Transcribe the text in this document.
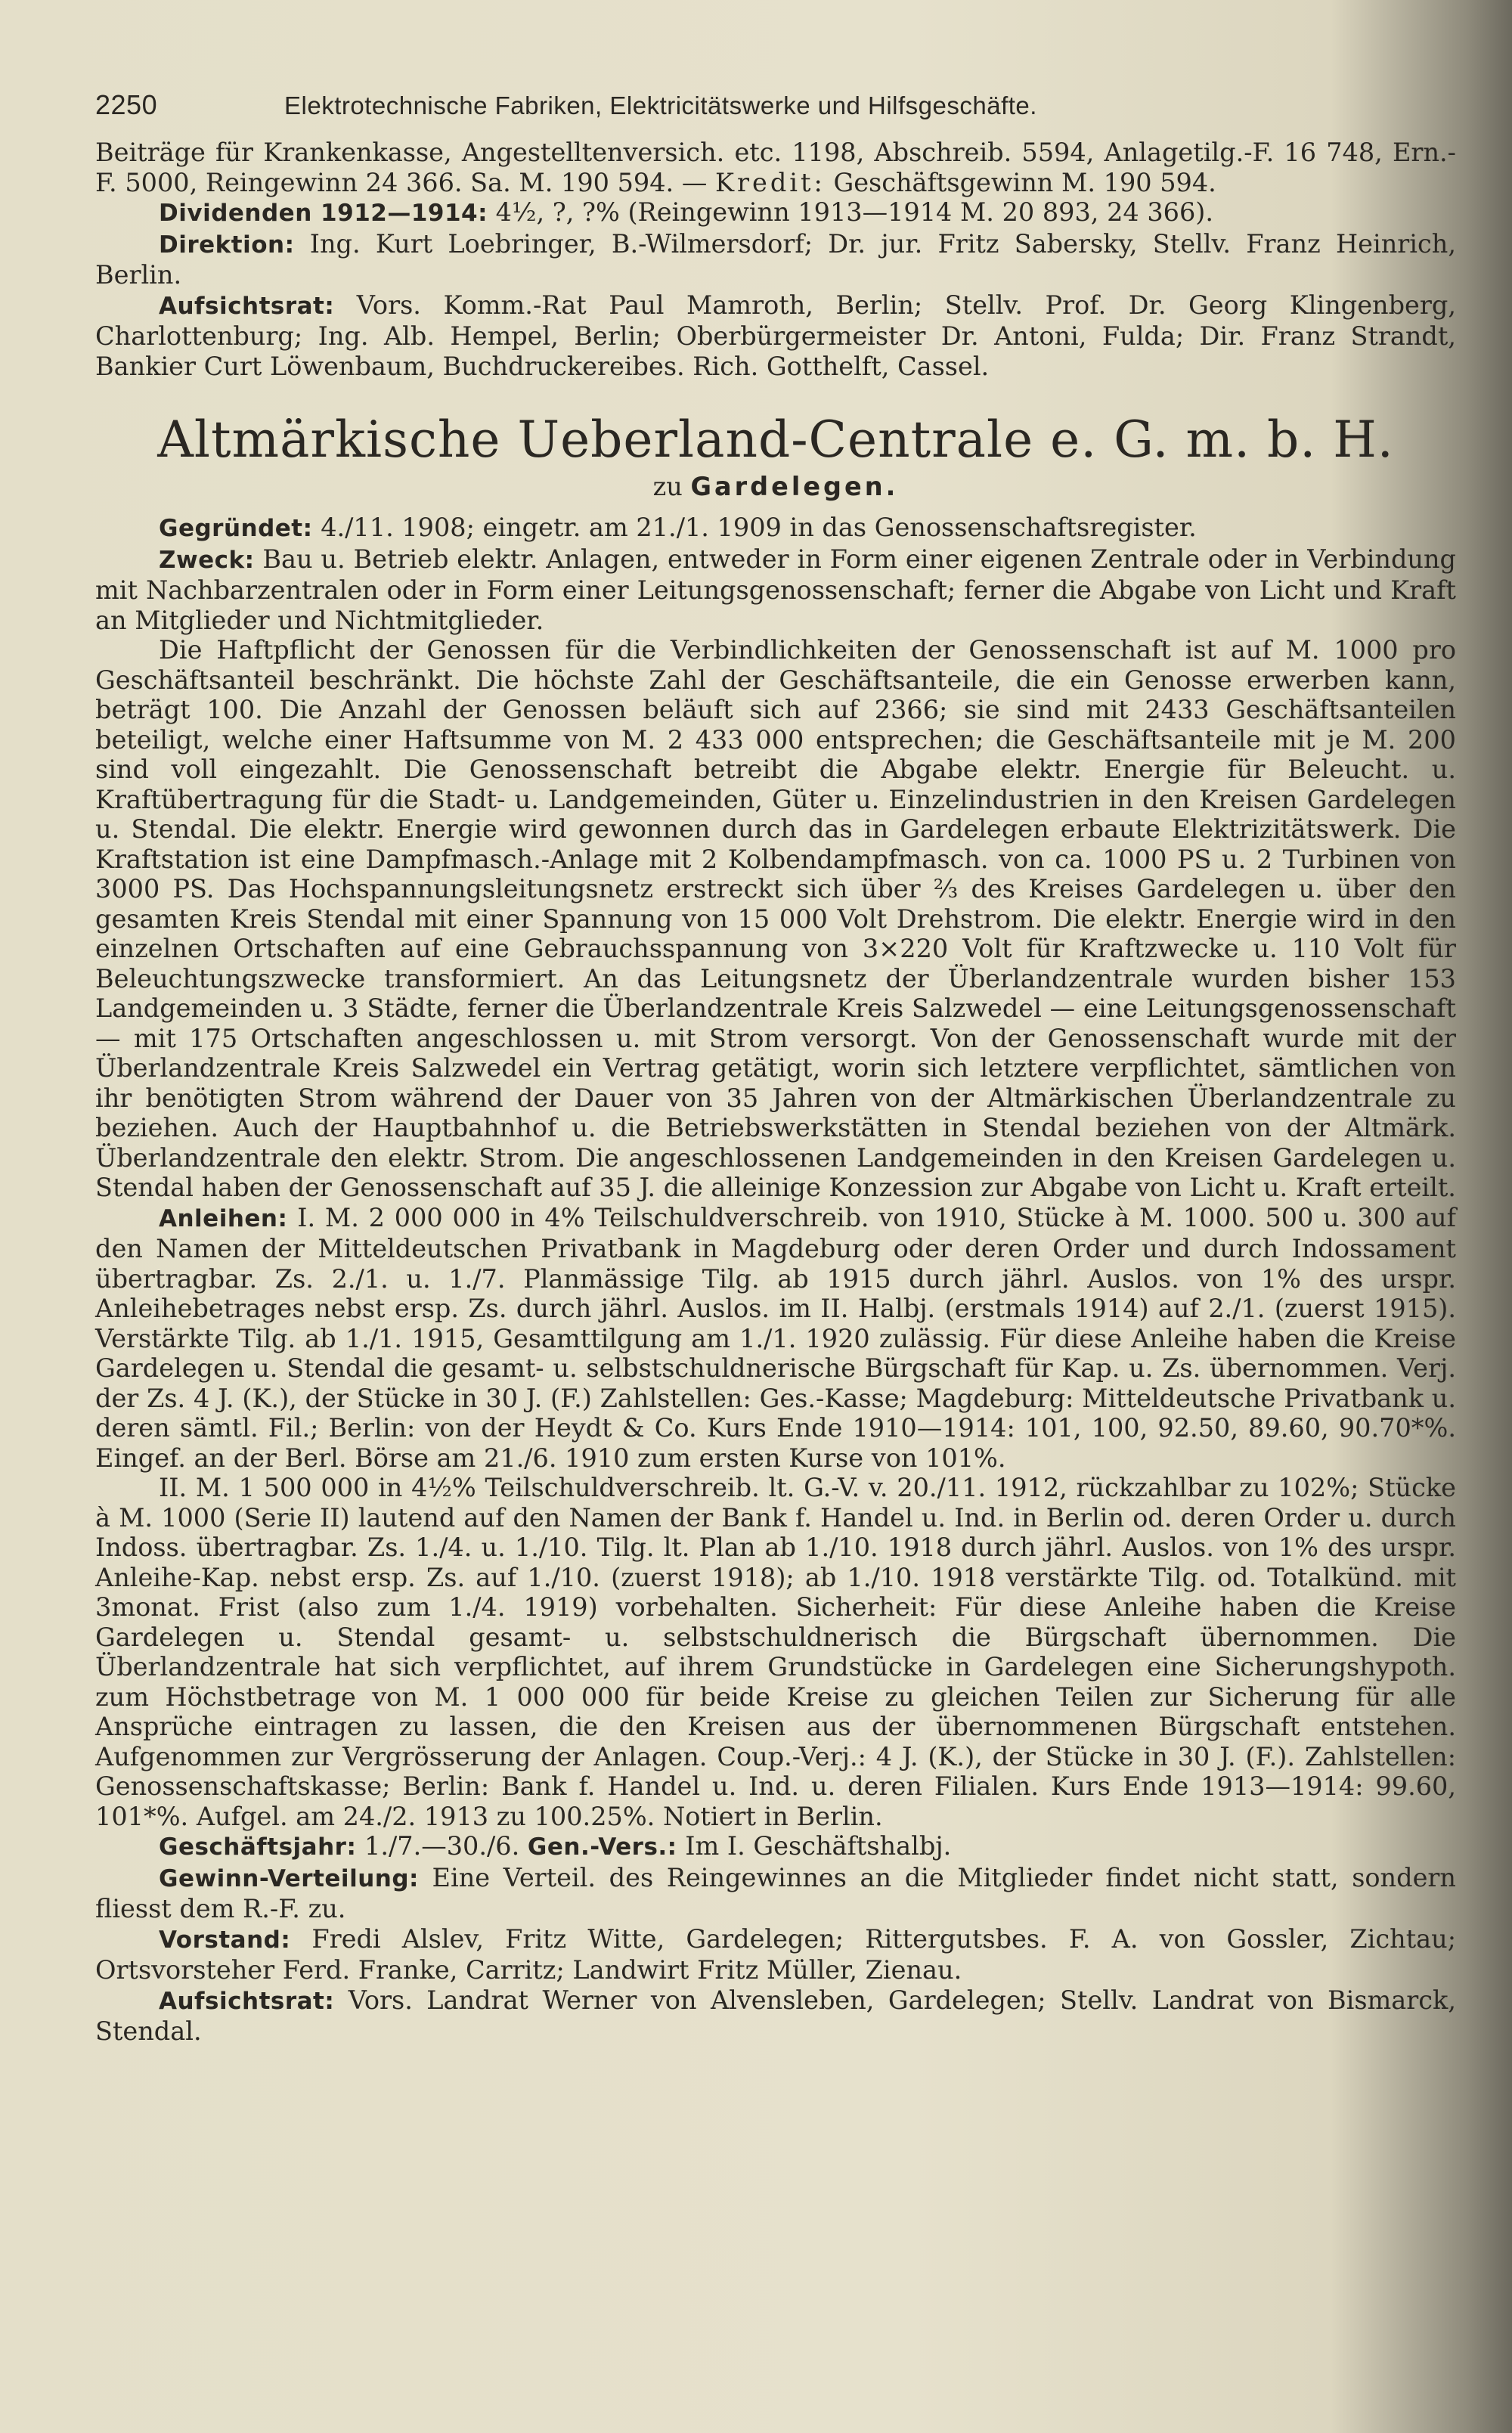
2250	Elektrotechnische Fabriken, Elektricitätswerke und Hilfsgeschäfte.

Beiträge für Krankenkasse, Angestelltenversich. etc. 1198, Abschreib. 5594, Anlagetilg.-F. 16 748, Ern.-F. 5000, Reingewinn 24 366. Sa. M. 190 594. — Kredit: Geschäftsgewinn M. 190 594.

Dividenden 1912—1914: 4½, ?, ?% (Reingewinn 1913—1914 M. 20 893, 24 366).

Direktion: Ing. Kurt Loebringer, B.-Wilmersdorf; Dr. jur. Fritz Sabersky, Stellv. Franz Heinrich, Berlin.

Aufsichtsrat: Vors. Komm.-Rat Paul Mamroth, Berlin; Stellv. Prof. Dr. Georg Klingenberg, Charlottenburg; Ing. Alb. Hempel, Berlin; Oberbürgermeister Dr. Antoni, Fulda; Dir. Franz Strandt, Bankier Curt Löwenbaum, Buchdruckereibes. Rich. Gotthelft, Cassel.

Altmärkische Ueberland-Centrale e. G. m. b. H.
zu Gardelegen.

Gegründet: 4./11. 1908; eingetr. am 21./1. 1909 in das Genossenschaftsregister.

Zweck: Bau u. Betrieb elektr. Anlagen, entweder in Form einer eigenen Zentrale oder in Verbindung mit Nachbarzentralen oder in Form einer Leitungsgenossenschaft; ferner die Abgabe von Licht und Kraft an Mitglieder und Nichtmitglieder.

Die Haftpflicht der Genossen für die Verbindlichkeiten der Genossenschaft ist auf M. 1000 pro Geschäftsanteil beschränkt. Die höchste Zahl der Geschäftsanteile, die ein Genosse erwerben kann, beträgt 100. Die Anzahl der Genossen beläuft sich auf 2366; sie sind mit 2433 Geschäftsanteilen beteiligt, welche einer Haftsumme von M. 2 433 000 entsprechen; die Geschäftsanteile mit je M. 200 sind voll eingezahlt. Die Genossenschaft betreibt die Abgabe elektr. Energie für Beleucht. u. Kraftübertragung für die Stadt- u. Landgemeinden, Güter u. Einzelindustrien in den Kreisen Gardelegen u. Stendal. Die elektr. Energie wird gewonnen durch das in Gardelegen erbaute Elektrizitätswerk. Die Kraftstation ist eine Dampfmasch.-Anlage mit 2 Kolbendampfmasch. von ca. 1000 PS u. 2 Turbinen von 3000 PS. Das Hochspannungsleitungsnetz erstreckt sich über ⅔ des Kreises Gardelegen u. über den gesamten Kreis Stendal mit einer Spannung von 15 000 Volt Drehstrom. Die elektr. Energie wird in den einzelnen Ortschaften auf eine Gebrauchsspannung von 3×220 Volt für Kraftzwecke u. 110 Volt für Beleuchtungszwecke transformiert. An das Leitungsnetz der Überlandzentrale wurden bisher 153 Landgemeinden u. 3 Städte, ferner die Überlandzentrale Kreis Salzwedel — eine Leitungsgenossenschaft — mit 175 Ortschaften angeschlossen u. mit Strom versorgt. Von der Genossenschaft wurde mit der Überlandzentrale Kreis Salzwedel ein Vertrag getätigt, worin sich letztere verpflichtet, sämtlichen von ihr benötigten Strom während der Dauer von 35 Jahren von der Altmärkischen Überlandzentrale zu beziehen. Auch der Hauptbahnhof u. die Betriebswerkstätten in Stendal beziehen von der Altmärk. Überlandzentrale den elektr. Strom. Die angeschlossenen Landgemeinden in den Kreisen Gardelegen u. Stendal haben der Genossenschaft auf 35 J. die alleinige Konzession zur Abgabe von Licht u. Kraft erteilt.

Anleihen: I. M. 2 000 000 in 4% Teilschuldverschreib. von 1910, Stücke à M. 1000. 500 u. 300 auf den Namen der Mitteldeutschen Privatbank in Magdeburg oder deren Order und durch Indossament übertragbar. Zs. 2./1. u. 1./7. Planmässige Tilg. ab 1915 durch jährl. Auslos. von 1% des urspr. Anleihebetrages nebst ersp. Zs. durch jährl. Auslos. im II. Halbj. (erstmals 1914) auf 2./1. (zuerst 1915). Verstärkte Tilg. ab 1./1. 1915, Gesamttilgung am 1./1. 1920 zulässig. Für diese Anleihe haben die Kreise Gardelegen u. Stendal die gesamt- u. selbstschuldnerische Bürgschaft für Kap. u. Zs. übernommen. Verj. der Zs. 4 J. (K.), der Stücke in 30 J. (F.) Zahlstellen: Ges.-Kasse; Magdeburg: Mitteldeutsche Privatbank u. deren sämtl. Fil.; Berlin: von der Heydt & Co. Kurs Ende 1910—1914: 101, 100, 92.50, 89.60, 90.70*%. Eingef. an der Berl. Börse am 21./6. 1910 zum ersten Kurse von 101%.

II. M. 1 500 000 in 4½% Teilschuldverschreib. lt. G.-V. v. 20./11. 1912, rückzahlbar zu 102%; Stücke à M. 1000 (Serie II) lautend auf den Namen der Bank f. Handel u. Ind. in Berlin od. deren Order u. durch Indoss. übertragbar. Zs. 1./4. u. 1./10. Tilg. lt. Plan ab 1./10. 1918 durch jährl. Auslos. von 1% des urspr. Anleihe-Kap. nebst ersp. Zs. auf 1./10. (zuerst 1918); ab 1./10. 1918 verstärkte Tilg. od. Totalkünd. mit 3monat. Frist (also zum 1./4. 1919) vorbehalten. Sicherheit: Für diese Anleihe haben die Kreise Gardelegen u. Stendal gesamt- u. selbstschuldnerisch die Bürgschaft übernommen. Die Überlandzentrale hat sich verpflichtet, auf ihrem Grundstücke in Gardelegen eine Sicherungshypoth. zum Höchstbetrage von M. 1 000 000 für beide Kreise zu gleichen Teilen zur Sicherung für alle Ansprüche eintragen zu lassen, die den Kreisen aus der übernommenen Bürgschaft entstehen. Aufgenommen zur Vergrösserung der Anlagen. Coup.-Verj.: 4 J. (K.), der Stücke in 30 J. (F.). Zahlstellen: Genossenschaftskasse; Berlin: Bank f. Handel u. Ind. u. deren Filialen. Kurs Ende 1913—1914: 99.60, 101*%. Aufgel. am 24./2. 1913 zu 100.25%. Notiert in Berlin.

Geschäftsjahr: 1./7.—30./6. Gen.-Vers.: Im I. Geschäftshalbj.

Gewinn-Verteilung: Eine Verteil. des Reingewinnes an die Mitglieder findet nicht statt, sondern fliesst dem R.-F. zu.

Vorstand: Fredi Alslev, Fritz Witte, Gardelegen; Rittergutsbes. F. A. von Gossler, Zichtau; Ortsvorsteher Ferd. Franke, Carritz; Landwirt Fritz Müller, Zienau.

Aufsichtsrat: Vors. Landrat Werner von Alvensleben, Gardelegen; Stellv. Landrat von Bismarck, Stendal.
